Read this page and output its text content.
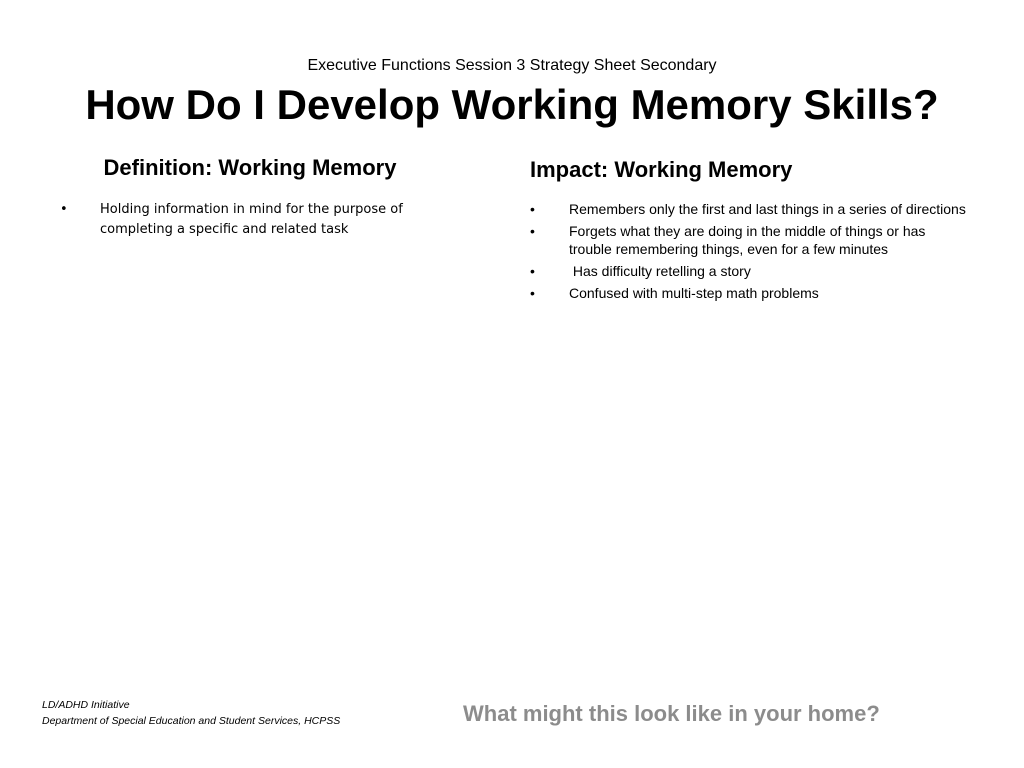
Executive Functions Session 3 Strategy Sheet Secondary
How Do I Develop Working Memory Skills?
Definition: Working Memory
• Holding information in mind for the purpose of completing a specific and related task
Impact: Working Memory
• Remembers only the first and last things in a series of directions
• Forgets what they are doing in the middle of things or has trouble remembering things, even for a few minutes
• Has difficulty retelling a story
• Confused with multi-step math problems
LD/ADHD Initiative
Department of Special Education and Student Services, HCPSS	What might this look like in your home?
